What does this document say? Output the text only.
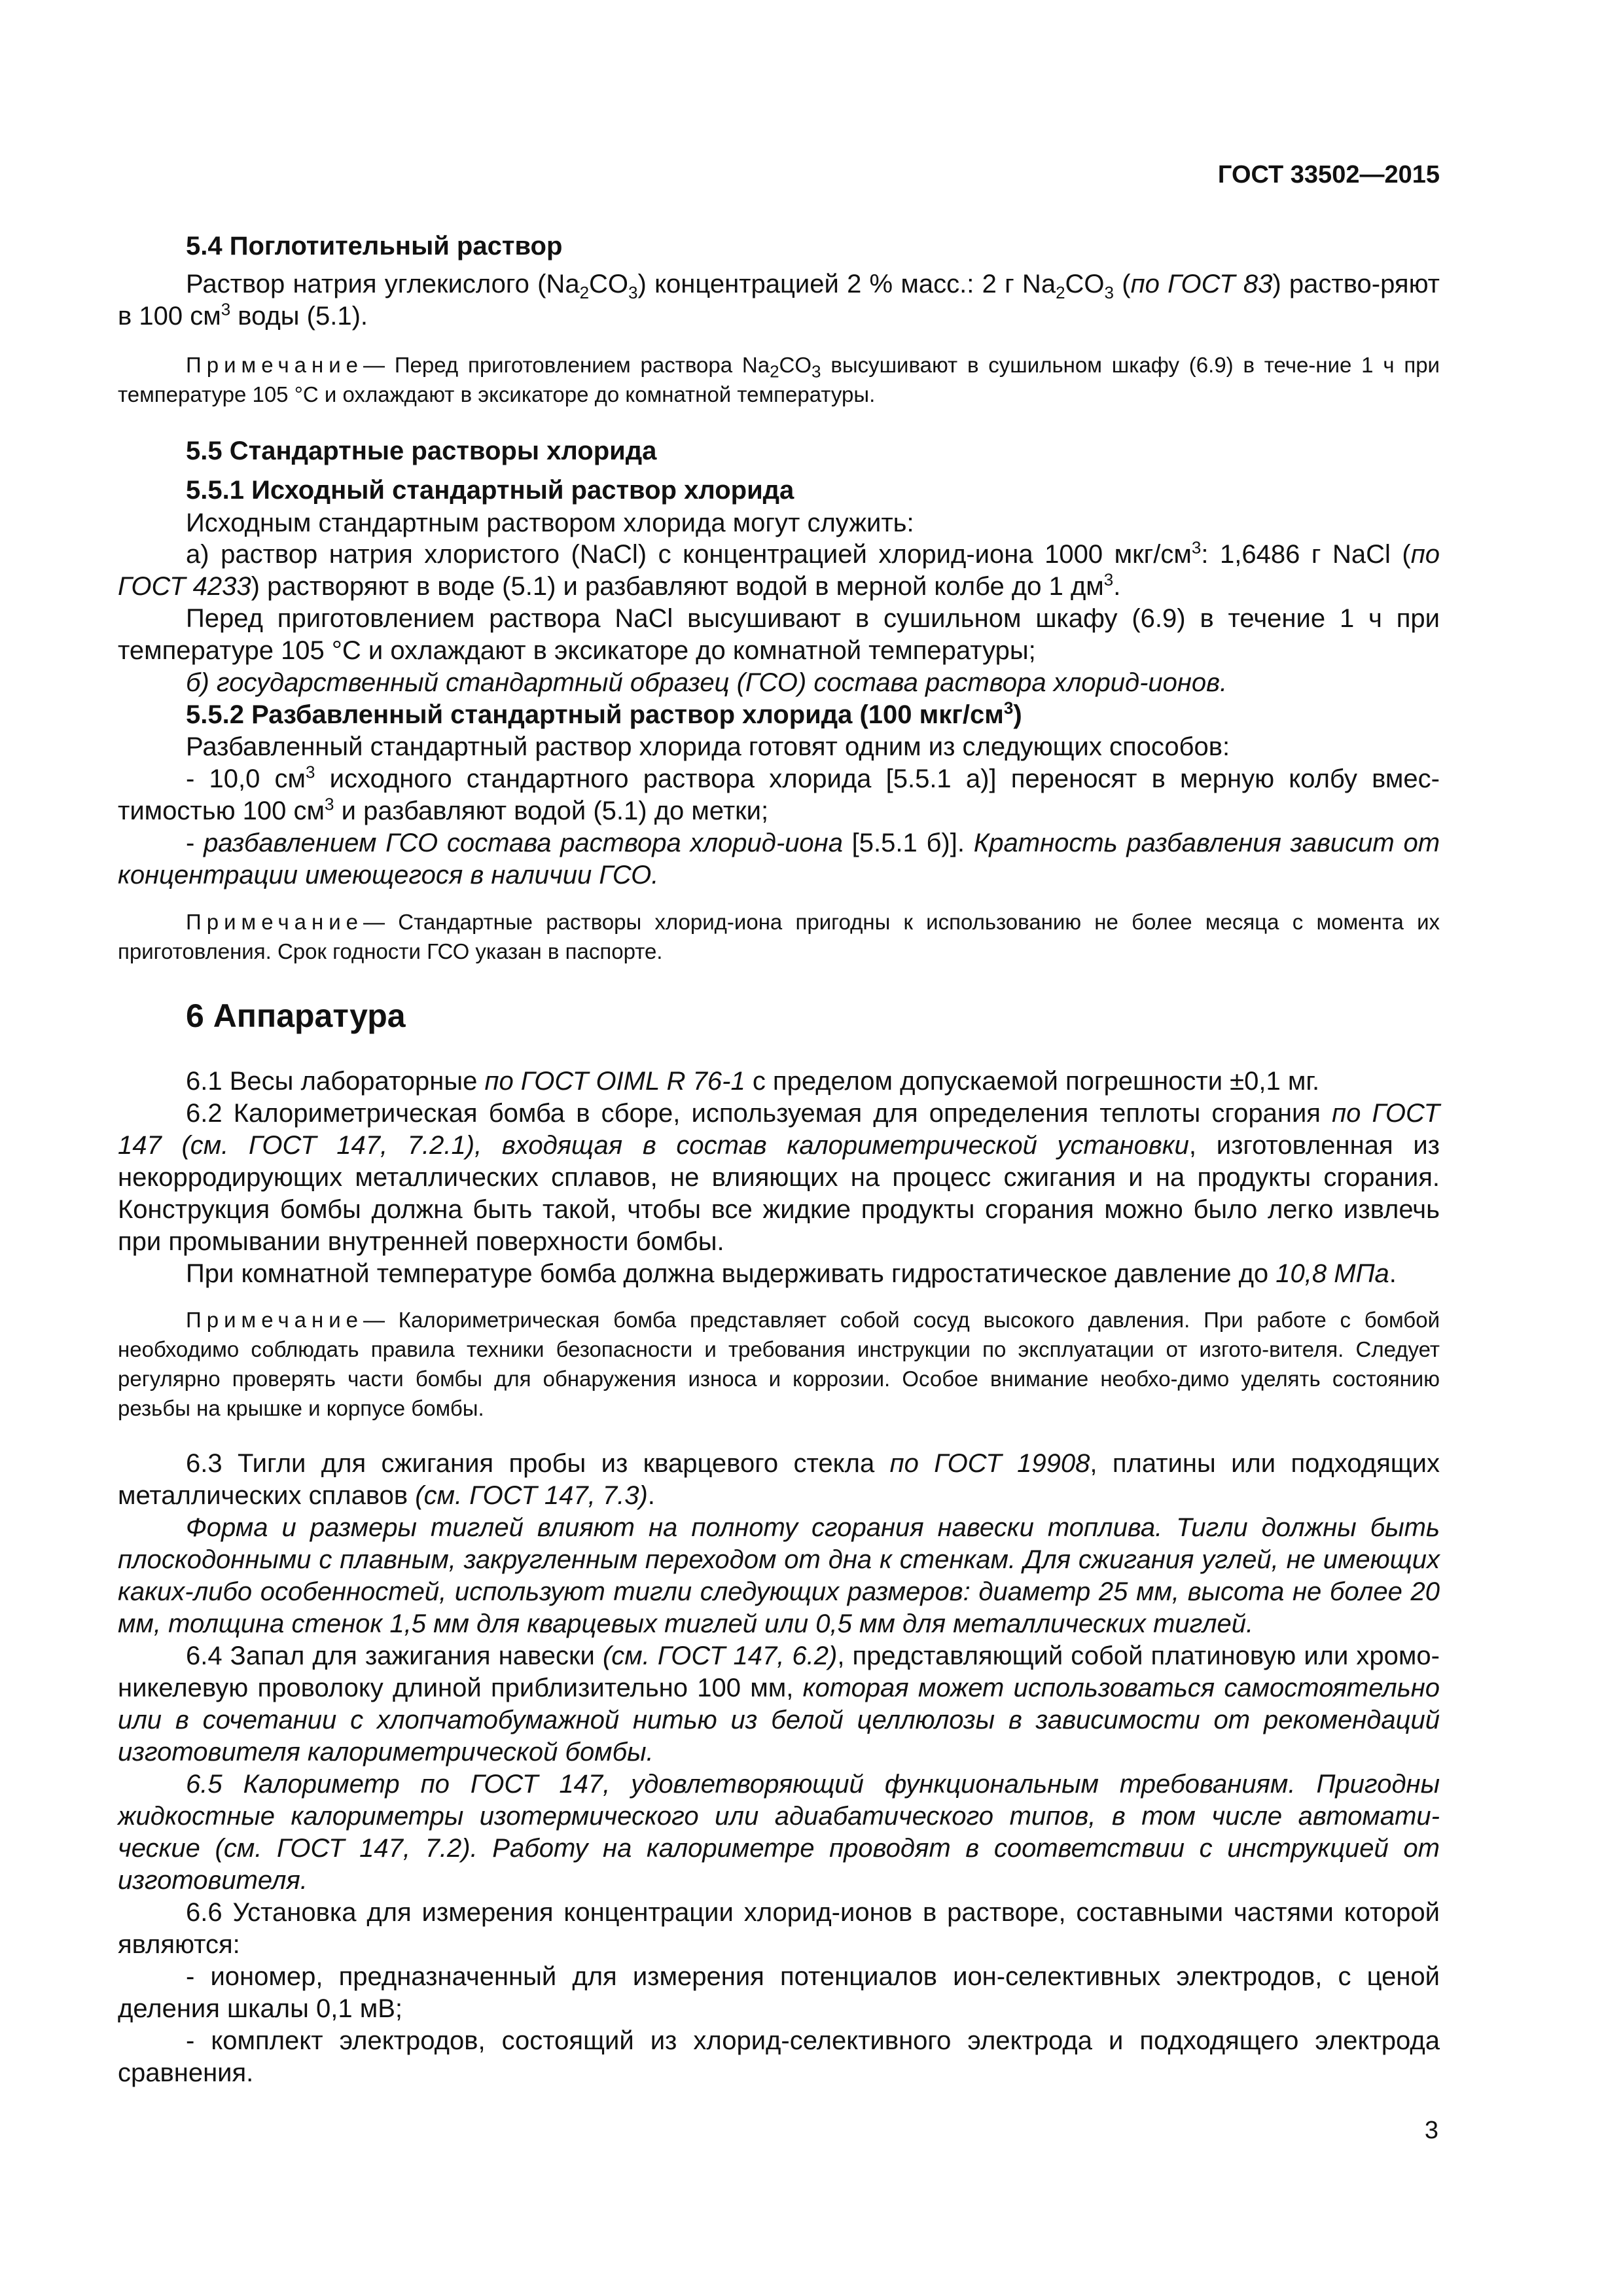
ГОСТ 33502—2015

5.4 Поглотительный раствор

Раствор натрия углекислого $(Na_2CO_3)$ концентрацией 2 % масс.: 2 г $Na_2CO_3$ (по ГОСТ 83) раство-ряют в 100 $см^3$ воды (5.1).

Примечание— Перед приготовлением раствора $Na_2CO_3$ высушивают в сушильном шкафу (6.9) в тече-ние 1 ч при температуре 105 °С и охлаждают в эксикаторе до комнатной температуры.

5.5 Стандартные растворы хлорида

5.5.1 Исходный стандартный раствор хлорида

Исходным стандартным раствором хлорида могут служить:

а) раствор натрия хлористого (NaCl) с концентрацией хлорид-иона 1000 мкг/$см^3$: 1,6486 г NaCl (по ГОСТ 4233) растворяют в воде (5.1) и разбавляют водой в мерной колбе до 1 $дм^3$.

Перед приготовлением раствора NaCl высушивают в сушильном шкафу (6.9) в течение 1 ч при температуре 105 °С и охлаждают в эксикаторе до комнатной температуры;

б) государственный стандартный образец (ГСО) состава раствора хлорид-ионов.

5.5.2 Разбавленный стандартный раствор хлорида (100 мкг/$см^3$)

Разбавленный стандартный раствор хлорида готовят одним из следующих способов:

- 10,0 $см^3$ исходного стандартного раствора хлорида [5.5.1 а)] переносят в мерную колбу вмес-тимостью 100 $см^3$ и разбавляют водой (5.1) до метки;

- разбавлением ГСО состава раствора хлорид-иона [5.5.1 б)]. Кратность разбавления зависит от концентрации имеющегося в наличии ГСО.

Примечание— Стандартные растворы хлорид-иона пригодны к использованию не более месяца с момента их приготовления. Срок годности ГСО указан в паспорте.

6 Аппаратура

6.1 Весы лабораторные по ГОСТ OIML R 76-1 с пределом допускаемой погрешности ±0,1 мг.

6.2 Калориметрическая бомба в сборе, используемая для определения теплоты сгорания по ГОСТ 147 (см. ГОСТ 147, 7.2.1), входящая в состав калориметрической установки, изготовленная из некорродирующих металлических сплавов, не влияющих на процесс сжигания и на продукты сгорания. Конструкция бомбы должна быть такой, чтобы все жидкие продукты сгорания можно было легко извлечь при промывании внутренней поверхности бомбы.

При комнатной температуре бомба должна выдерживать гидростатическое давление до 10,8 МПа.

Примечание— Калориметрическая бомба представляет собой сосуд высокого давления. При работе с бомбой необходимо соблюдать правила техники безопасности и требования инструкции по эксплуатации от изгото-вителя. Следует регулярно проверять части бомбы для обнаружения износа и коррозии. Особое внимание необхо-димо уделять состоянию резьбы на крышке и корпусе бомбы.

6.3 Тигли для сжигания пробы из кварцевого стекла по ГОСТ 19908, платины или подходящих металлических сплавов (см. ГОСТ 147, 7.3).

Форма и размеры тиглей влияют на полноту сгорания навески топлива. Тигли должны быть плоскодонными с плавным, закругленным переходом от дна к стенкам. Для сжигания углей, не имеющих каких-либо особенностей, используют тигли следующих размеров: диаметр 25 мм, высота не более 20 мм, толщина стенок 1,5 мм для кварцевых тиглей или 0,5 мм для металлических тиглей.

6.4 Запал для зажигания навески (см. ГОСТ 147, 6.2), представляющий собой платиновую или хромо-никелевую проволоку длиной приблизительно 100 мм, которая может использоваться самостоятельно или в сочетании с хлопчатобумажной нитью из белой целлюлозы в зависимости от рекомендаций изготовителя калориметрической бомбы.

6.5 Калориметр по ГОСТ 147, удовлетворяющий функциональным требованиям. Пригодны жидкостные калориметры изотермического или адиабатического типов, в том числе автомати-ческие (см. ГОСТ 147, 7.2). Работу на калориметре проводят в соответствии с инструкцией от изготовителя.

6.6 Установка для измерения концентрации хлорид-ионов в растворе, составными частями которой являются:

- иономер, предназначенный для измерения потенциалов ион-селективных электродов, с ценой деления шкалы 0,1 мВ;

- комплект электродов, состоящий из хлорид-селективного электрода и подходящего электрода сравнения.

3
